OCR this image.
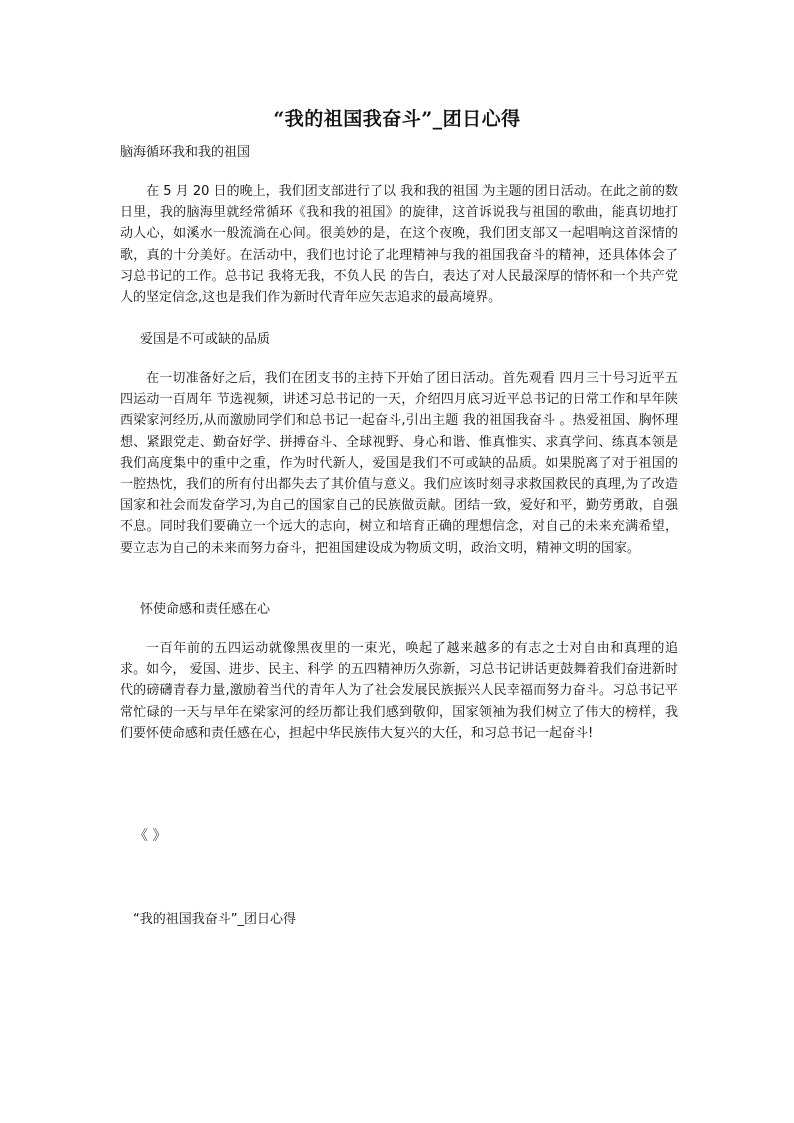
“我的祖国我奋斗”_团日心得
脑海循环我和我的祖国

在 5 月 20 日的晚上，我们团支部进行了以 我和我的祖国 为主题的团日活动。在此之前的数日里，我的脑海里就经常循环《我和我的祖国》的旋律，这首诉说我与祖国的歌曲，能真切地打动人心，如溪水一般流淌在心间。很美妙的是，在这个夜晚，我们团支部又一起唱响这首深情的歌，真的十分美好。在活动中，我们也讨论了北理精神与我的祖国我奋斗的精神，还具体体会了习总书记的工作。总书记 我将无我，不负人民 的告白，表达了对人民最深厚的情怀和一个共产党人的坚定信念,这也是我们作为新时代青年应矢志追求的最高境界。

爱国是不可或缺的品质

在一切准备好之后，我们在团支书的主持下开始了团日活动。首先观看 四月三十号习近平五四运动一百周年 节选视频，讲述习总书记的一天，介绍四月底习近平总书记的日常工作和早年陕西梁家河经历,从而激励同学们和总书记一起奋斗,引出主题 我的祖国我奋斗 。热爱祖国、胸怀理想、紧跟党走、勤奋好学、拼搏奋斗、全球视野、身心和谐、惟真惟实、求真学问、练真本领是我们高度集中的重中之重，作为时代新人，爱国是我们不可或缺的品质。如果脱离了对于祖国的一腔热忱，我们的所有付出都失去了其价值与意义。我们应该时刻寻求救国救民的真理,为了改造国家和社会而发奋学习,为自己的国家自己的民族做贡献。团结一致，爱好和平，勤劳勇敢，自强不息。同时我们要确立一个远大的志向，树立和培育正确的理想信念，对自己的未来充满希望，要立志为自己的未来而努力奋斗，把祖国建设成为物质文明，政治文明，精神文明的国家。

怀使命感和责任感在心

一百年前的五四运动就像黑夜里的一束光，唤起了越来越多的有志之士对自由和真理的追求。如今， 爱国、进步、民主、科学 的五四精神历久弥新，习总书记讲话更鼓舞着我们奋进新时代的磅礴青春力量,激励着当代的青年人为了社会发展民族振兴人民幸福而努力奋斗。习总书记平常忙碌的一天与早年在梁家河的经历都让我们感到敬仰，国家领袖为我们树立了伟大的榜样，我们要怀使命感和责任感在心，担起中华民族伟大复兴的大任，和习总书记一起奋斗!

《 》
“我的祖国我奋斗”_团日心得
